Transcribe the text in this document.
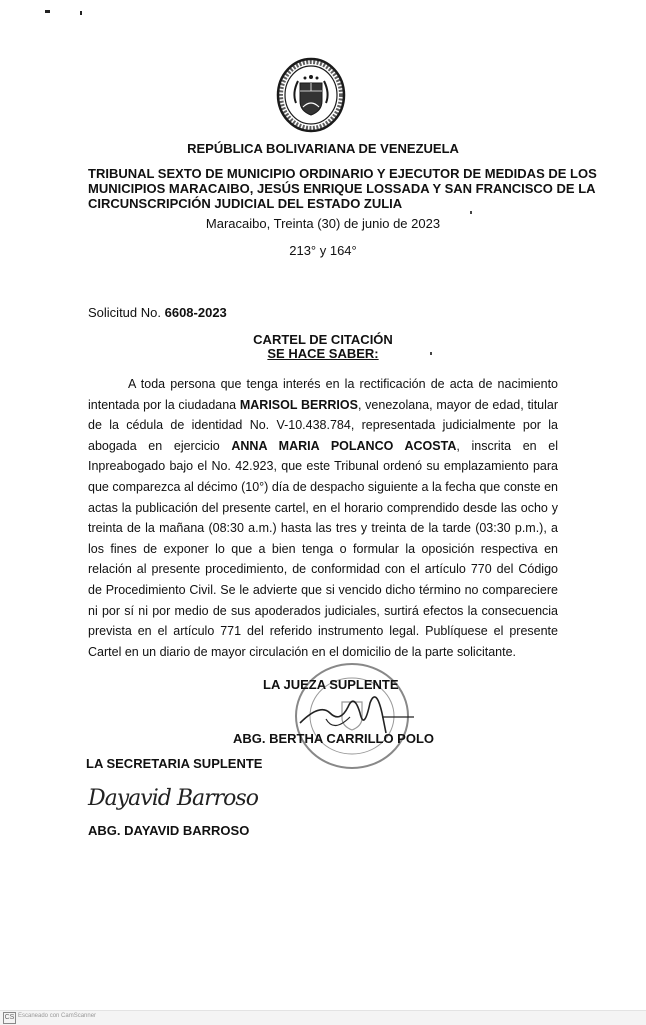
REPÚBLICA BOLIVARIANA DE VENEZUELA
TRIBUNAL SEXTO DE MUNICIPIO ORDINARIO Y EJECUTOR DE MEDIDAS DE LOS
MUNICIPIOS MARACAIBO, JESÚS ENRIQUE LOSSADA Y SAN FRANCISCO DE LA
CIRCUNSCRIPCIÓN JUDICIAL DEL ESTADO ZULIA
Maracaibo, Treinta (30) de junio de 2023
213° y 164°
Solicitud No. 6608-2023
CARTEL DE CITACIÓN
SE HACE SABER:

A toda persona que tenga interés en la rectificación de acta de nacimiento intentada por la ciudadana MARISOL BERRIOS, venezolana, mayor de edad, titular de la cédula de identidad No. V-10.438.784, representada judicialmente por la abogada en ejercicio ANNA MARIA POLANCO ACOSTA, inscrita en el Inpreabogado bajo el No. 42.923, que este Tribunal ordenó su emplazamiento para que comparezca al décimo (10°) día de despacho siguiente a la fecha que conste en actas la publicación del presente cartel, en el horario comprendido desde las ocho y treinta de la mañana (08:30 a.m.) hasta las tres y treinta de la tarde (03:30 p.m.), a los fines de exponer lo que a bien tenga o formular la oposición respectiva en relación al presente procedimiento, de conformidad con el artículo 770 del Código de Procedimiento Civil. Se le advierte que si vencido dicho término no compareciere ni por sí ni por medio de sus apoderados judiciales, surtirá efectos la consecuencia prevista en el artículo 771 del referido instrumento legal. Publíquese el presente Cartel en un diario de mayor circulación en el domicilio de la parte solicitante.

LA JUEZA SUPLENTE
ABG. BERTHA CARRILLO POLO
LA SECRETARIA SUPLENTE
Dayavid Barroso
ABG. DAYAVID BARROSO
CS Escaneado con CamScanner
